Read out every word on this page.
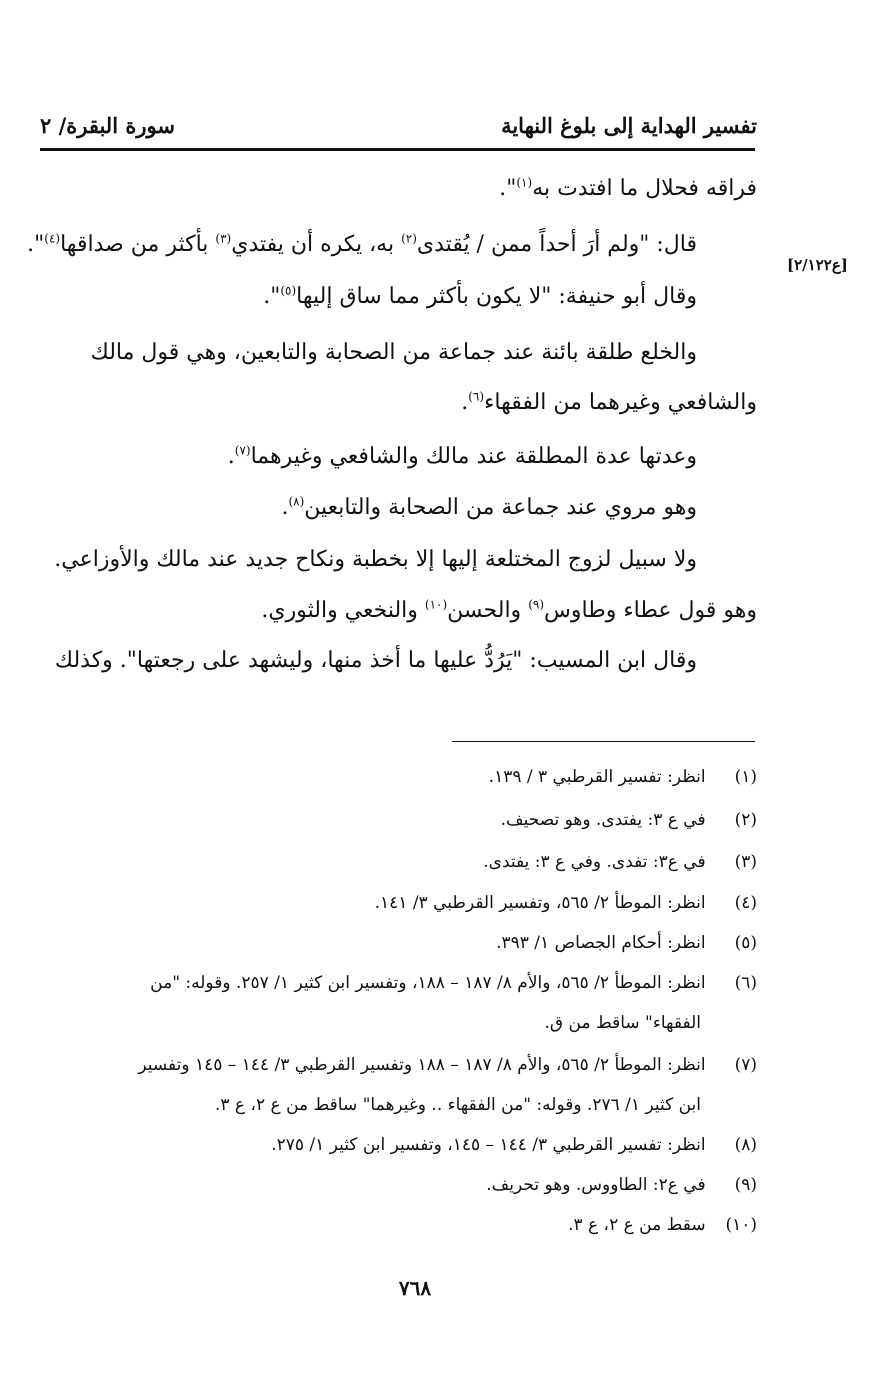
تفسير الهداية إلى بلوغ النهاية
سورة البقرة/ ٢
[ع٢/١٢٢]
فراقه فحلال ما افتدت به$^{(١)}$".
قال: "ولم أرَ أحداً ممن / يُقتدى$^{(٢)}$ به، يكره أن يفتدي$^{(٣)}$ بأكثر من صداقها$^{(٤)}$".
وقال أبو حنيفة: "لا يكون بأكثر مما ساق إليها$^{(٥)}$".
والخلع طلقة بائنة عند جماعة من الصحابة والتابعين، وهي قول مالك
والشافعي وغيرهما من الفقهاء$^{(٦)}$.
وعدتها عدة المطلقة عند مالك والشافعي وغيرهما$^{(٧)}$.
وهو مروي عند جماعة من الصحابة والتابعين$^{(٨)}$.
ولا سبيل لزوج المختلعة إليها إلا بخطبة ونكاح جديد عند مالك والأوزاعي.
وهو قول عطاء وطاوس$^{(٩)}$ والحسن$^{(١٠)}$ والنخعي والثوري.
وقال ابن المسيب: "يَرُدُّ عليها ما أخذ منها، وليشهد على رجعتها". وكذلك
(١) انظر: تفسير القرطبي ٣ / ١٣٩.
(٢) في ع ٣: يفتدى. وهو تصحيف.
(٣) في ع٣: تفدى. وفي ع ٣: يفتدى.
(٤) انظر: الموطأ ٢/ ٥٦٥، وتفسير القرطبي ٣/ ١٤١.
(٥) انظر: أحكام الجصاص ١/ ٣٩٣.
(٦) انظر: الموطأ ٢/ ٥٦٥، والأم ٨/ ١٨٧ – ١٨٨، وتفسير ابن كثير ١/ ٢٥٧. وقوله: "من
الفقهاء" ساقط من ق.
(٧) انظر: الموطأ ٢/ ٥٦٥، والأم ٨/ ١٨٧ – ١٨٨ وتفسير القرطبي ٣/ ١٤٤ – ١٤٥ وتفسير
ابن كثير ١/ ٢٧٦. وقوله: "من الفقهاء .. وغيرهما" ساقط من ع ٢، ع ٣.
(٨) انظر: تفسير القرطبي ٣/ ١٤٤ – ١٤٥، وتفسير ابن كثير ١/ ٢٧٥.
(٩) في ع٢: الطاووس. وهو تحريف.
(١٠) سقط من ع ٢، ع ٣.
٧٦٨
